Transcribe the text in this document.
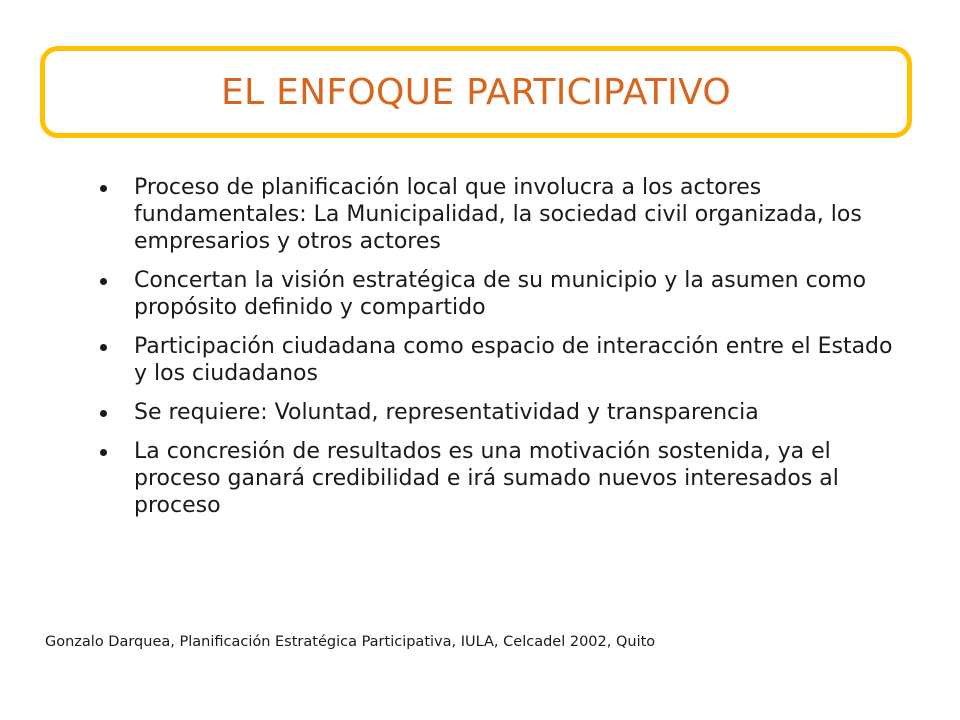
EL ENFOQUE PARTICIPATIVO
Proceso de planificación local que involucra a los actores fundamentales: La Municipalidad, la sociedad civil organizada, los empresarios y otros actores
Concertan la visión estratégica de su municipio y la asumen como propósito definido y compartido
Participación ciudadana como espacio de interacción entre el Estado y los ciudadanos
Se requiere: Voluntad, representatividad y transparencia
La concresión de resultados es una motivación sostenida, ya el proceso ganará credibilidad e irá sumado nuevos interesados al proceso
Gonzalo Darquea, Planificación Estratégica Participativa, IULA, Celcadel 2002, Quito
